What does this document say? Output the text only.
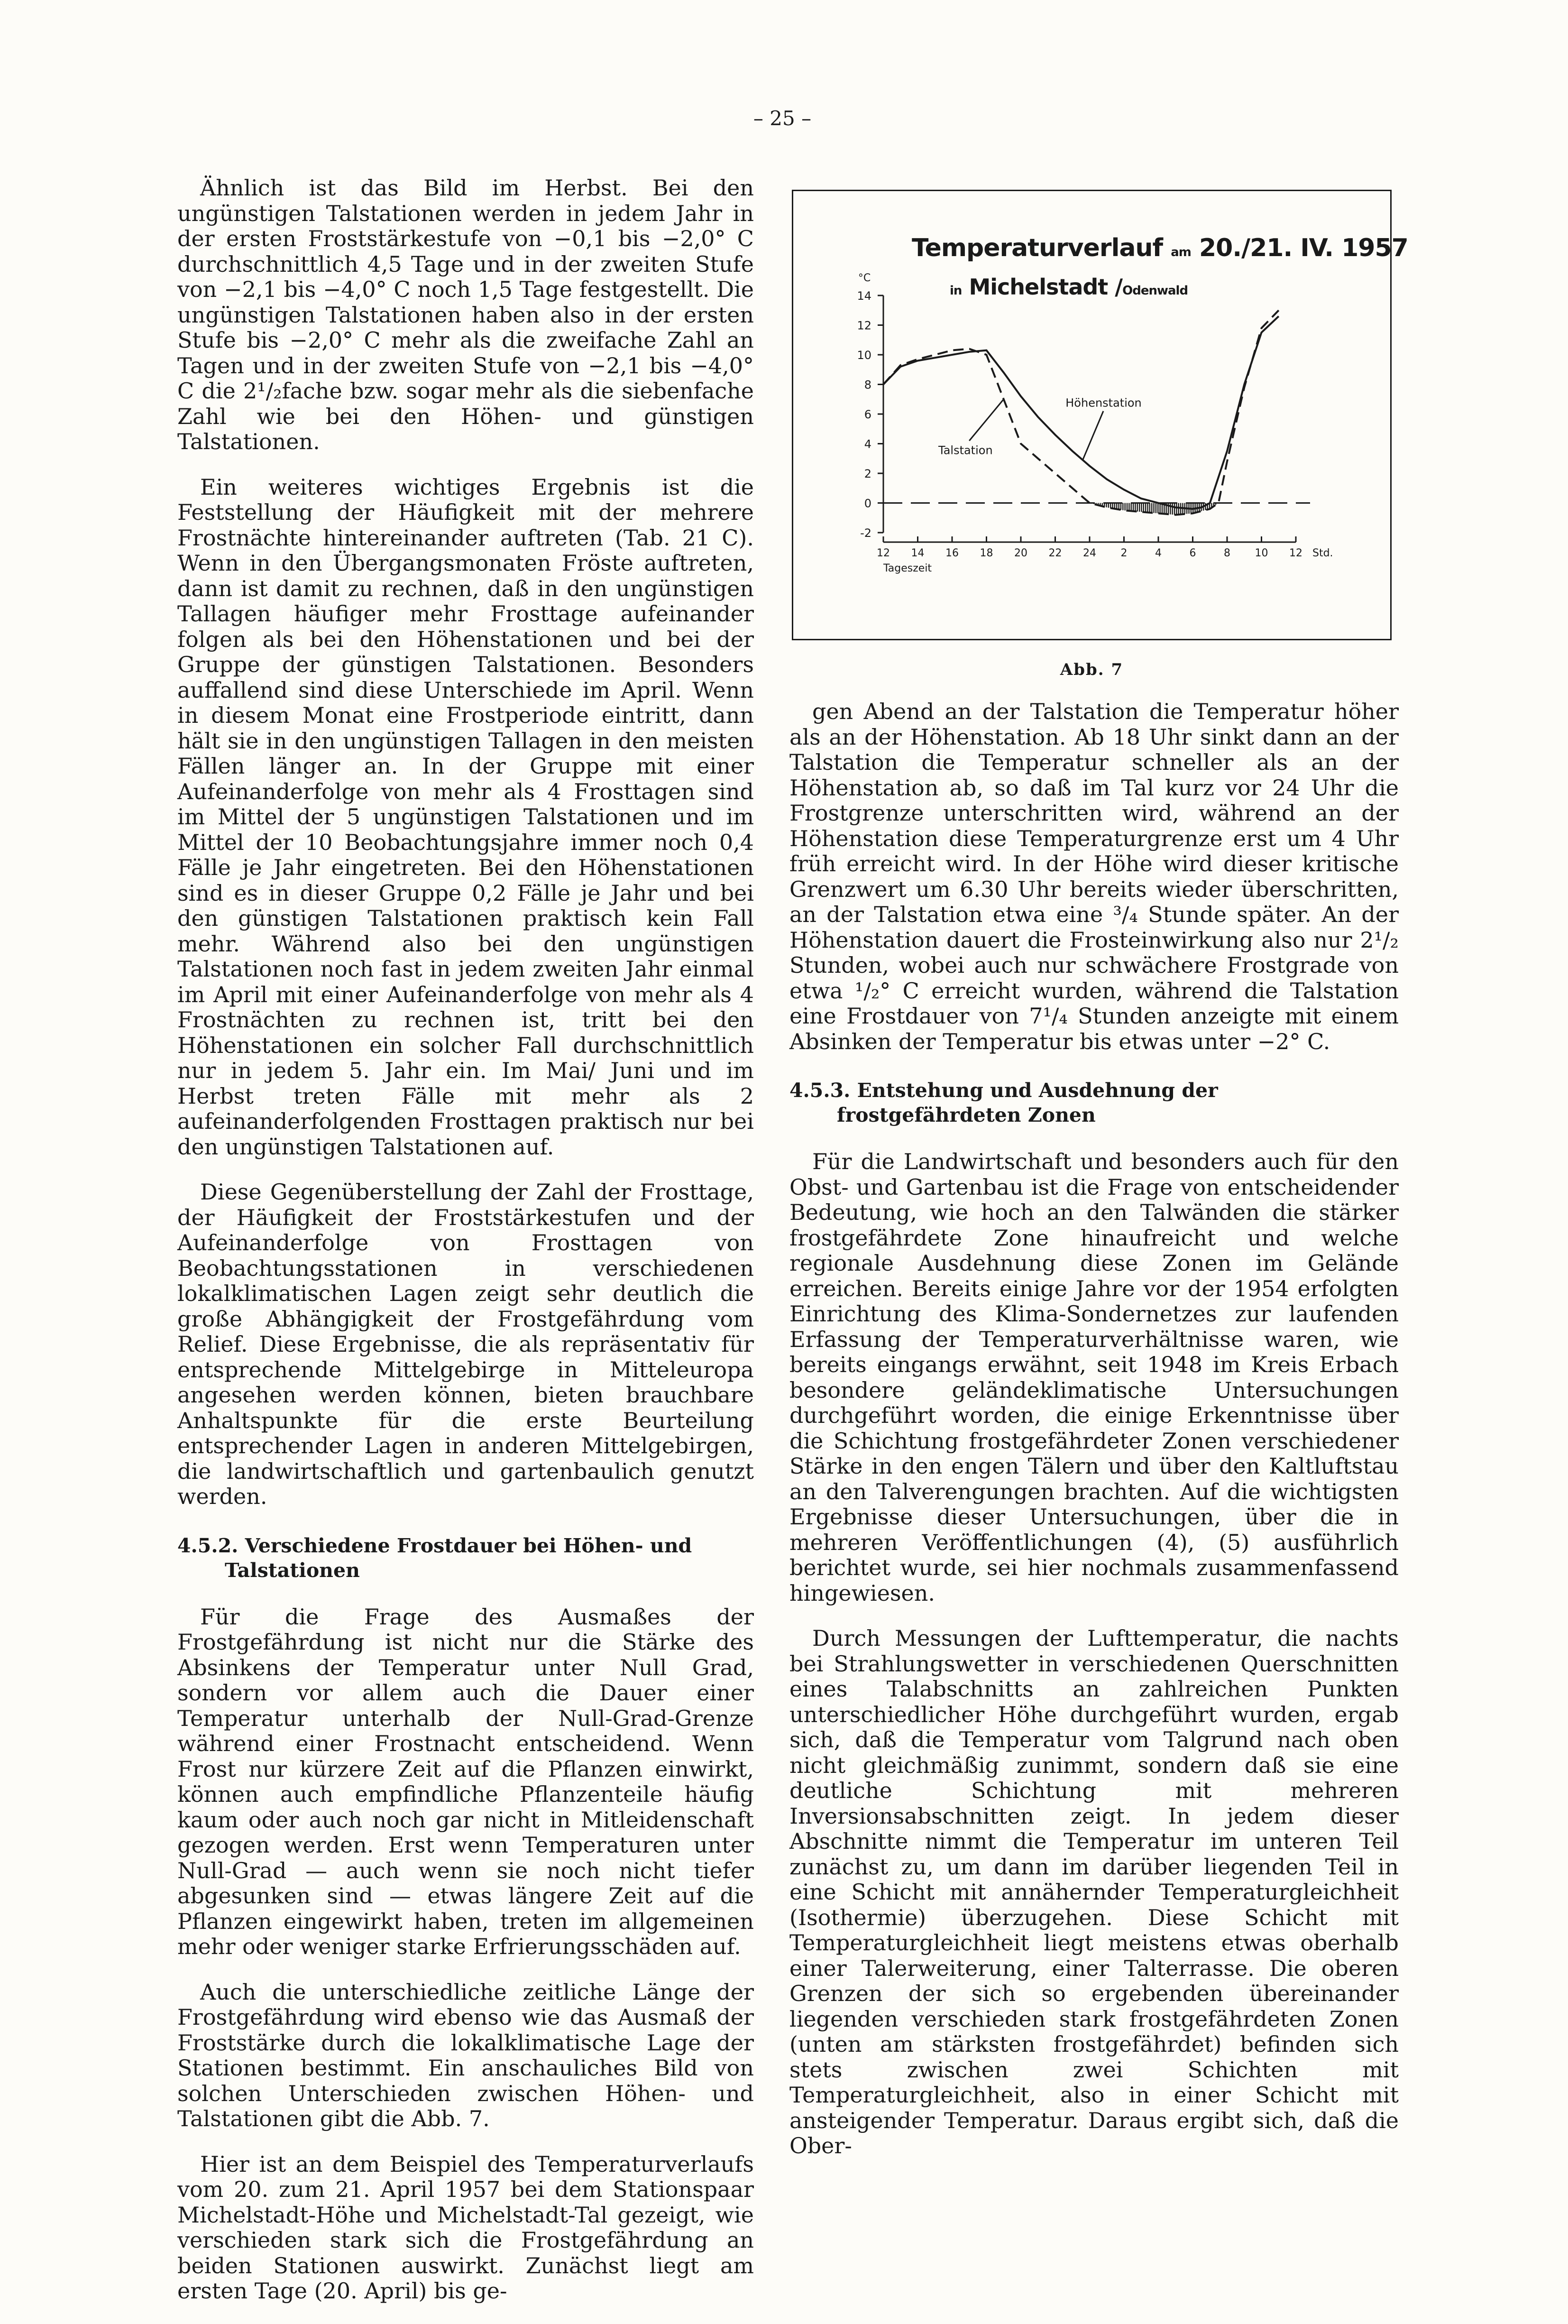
– 25 –

Ähnlich ist das Bild im Herbst. Bei den ungünstigen Talstationen werden in jedem Jahr in der ersten Froststärkestufe von −0,1 bis −2,0° C durchschnittlich 4,5 Tage und in der zweiten Stufe von −2,1 bis −4,0° C noch 1,5 Tage festgestellt. Die ungünstigen Talstationen haben also in der ersten Stufe bis −2,0° C mehr als die zweifache Zahl an Tagen und in der zweiten Stufe von −2,1 bis −4,0° C die 2¹/₂fache bzw. sogar mehr als die siebenfache Zahl wie bei den Höhen- und günstigen Talstationen.

Ein weiteres wichtiges Ergebnis ist die Feststellung der Häufigkeit mit der mehrere Frostnächte hintereinander auftreten (Tab. 21 C). Wenn in den Übergangsmonaten Fröste auftreten, dann ist damit zu rechnen, daß in den ungünstigen Tallagen häufiger mehr Frosttage aufeinander folgen als bei den Höhenstationen und bei der Gruppe der günstigen Talstationen. Besonders auffallend sind diese Unterschiede im April. Wenn in diesem Monat eine Frostperiode eintritt, dann hält sie in den ungünstigen Tallagen in den meisten Fällen länger an. In der Gruppe mit einer Aufeinanderfolge von mehr als 4 Frosttagen sind im Mittel der 5 ungünstigen Talstationen und im Mittel der 10 Beobachtungsjahre immer noch 0,4 Fälle je Jahr eingetreten. Bei den Höhenstationen sind es in dieser Gruppe 0,2 Fälle je Jahr und bei den günstigen Talstationen praktisch kein Fall mehr. Während also bei den ungünstigen Talstationen noch fast in jedem zweiten Jahr einmal im April mit einer Aufeinanderfolge von mehr als 4 Frostnächten zu rechnen ist, tritt bei den Höhenstationen ein solcher Fall durchschnittlich nur in jedem 5. Jahr ein. Im Mai/ Juni und im Herbst treten Fälle mit mehr als 2 aufeinanderfolgenden Frosttagen praktisch nur bei den ungünstigen Talstationen auf.

Diese Gegenüberstellung der Zahl der Frosttage, der Häufigkeit der Froststärkestufen und der Aufeinanderfolge von Frosttagen von Beobachtungsstationen in verschiedenen lokalklimatischen Lagen zeigt sehr deutlich die große Abhängigkeit der Frostgefährdung vom Relief. Diese Ergebnisse, die als repräsentativ für entsprechende Mittelgebirge in Mitteleuropa angesehen werden können, bieten brauchbare Anhaltspunkte für die erste Beurteilung entsprechender Lagen in anderen Mittelgebirgen, die landwirtschaftlich und gartenbaulich genutzt werden.

4.5.2. Verschiedene Frostdauer bei Höhen- und Talstationen

Für die Frage des Ausmaßes der Frostgefährdung ist nicht nur die Stärke des Absinkens der Temperatur unter Null Grad, sondern vor allem auch die Dauer einer Temperatur unterhalb der Null-Grad-Grenze während einer Frostnacht entscheidend. Wenn Frost nur kürzere Zeit auf die Pflanzen einwirkt, können auch empfindliche Pflanzenteile häufig kaum oder auch noch gar nicht in Mitleidenschaft gezogen werden. Erst wenn Temperaturen unter Null-Grad — auch wenn sie noch nicht tiefer abgesunken sind — etwas längere Zeit auf die Pflanzen eingewirkt haben, treten im allgemeinen mehr oder weniger starke Erfrierungsschäden auf.

Auch die unterschiedliche zeitliche Länge der Frostgefährdung wird ebenso wie das Ausmaß der Froststärke durch die lokalklimatische Lage der Stationen bestimmt. Ein anschauliches Bild von solchen Unterschieden zwischen Höhen- und Talstationen gibt die Abb. 7.

Hier ist an dem Beispiel des Temperaturverlaufs vom 20. zum 21. April 1957 bei dem Stationspaar Michelstadt-Höhe und Michelstadt-Tal gezeigt, wie verschieden stark sich die Frostgefährdung an beiden Stationen auswirkt. Zunächst liegt am ersten Tage (20. April) bis ge-

Temperaturverlauf am 20./21. IV. 1957
in Michelstadt /Odenwald
-2
0
2
4
6
8
10
12
14
°C
12 14 16 18 20 22 24 2	4	6	8 10 12 Std.
Tageszeit
Höhenstation
Talstation
Abb. 7

gen Abend an der Talstation die Temperatur höher als an der Höhenstation. Ab 18 Uhr sinkt dann an der Talstation die Temperatur schneller als an der Höhenstation ab, so daß im Tal kurz vor 24 Uhr die Frostgrenze unterschritten wird, während an der Höhenstation diese Temperaturgrenze erst um 4 Uhr früh erreicht wird. In der Höhe wird dieser kritische Grenzwert um 6.30 Uhr bereits wieder überschritten, an der Talstation etwa eine ³/₄ Stunde später. An der Höhenstation dauert die Frosteinwirkung also nur 2¹/₂ Stunden, wobei auch nur schwächere Frostgrade von etwa ¹/₂° C erreicht wurden, während die Talstation eine Frostdauer von 7¹/₄ Stunden anzeigte mit einem Absinken der Temperatur bis etwas unter −2° C.

4.5.3. Entstehung und Ausdehnung der frostgefährdeten Zonen

Für die Landwirtschaft und besonders auch für den Obst- und Gartenbau ist die Frage von entscheidender Bedeutung, wie hoch an den Talwänden die stärker frostgefährdete Zone hinaufreicht und welche regionale Ausdehnung diese Zonen im Gelände erreichen. Bereits einige Jahre vor der 1954 erfolgten Einrichtung des Klima-Sondernetzes zur laufenden Erfassung der Temperaturverhältnisse waren, wie bereits eingangs erwähnt, seit 1948 im Kreis Erbach besondere geländeklimatische Untersuchungen durchgeführt worden, die einige Erkenntnisse über die Schichtung frostgefährdeter Zonen verschiedener Stärke in den engen Tälern und über den Kaltluftstau an den Talverengungen brachten. Auf die wichtigsten Ergebnisse dieser Untersuchungen, über die in mehreren Veröffentlichungen (4), (5) ausführlich berichtet wurde, sei hier nochmals zusammenfassend hingewiesen.

Durch Messungen der Lufttemperatur, die nachts bei Strahlungswetter in verschiedenen Querschnitten eines Talabschnitts an zahlreichen Punkten unterschiedlicher Höhe durchgeführt wurden, ergab sich, daß die Temperatur vom Talgrund nach oben nicht gleichmäßig zunimmt, sondern daß sie eine deutliche Schichtung mit mehreren Inversionsabschnitten zeigt. In jedem dieser Abschnitte nimmt die Temperatur im unteren Teil zunächst zu, um dann im darüber liegenden Teil in eine Schicht mit annähernder Temperaturgleichheit (Isothermie) überzugehen. Diese Schicht mit Temperaturgleichheit liegt meistens etwas oberhalb einer Talerweiterung, einer Talterrasse. Die oberen Grenzen der sich so ergebenden übereinander liegenden verschieden stark frostgefährdeten Zonen (unten am stärksten frostgefährdet) befinden sich stets zwischen zwei Schichten mit Temperaturgleichheit, also in einer Schicht mit ansteigender Temperatur. Daraus ergibt sich, daß die Ober-
